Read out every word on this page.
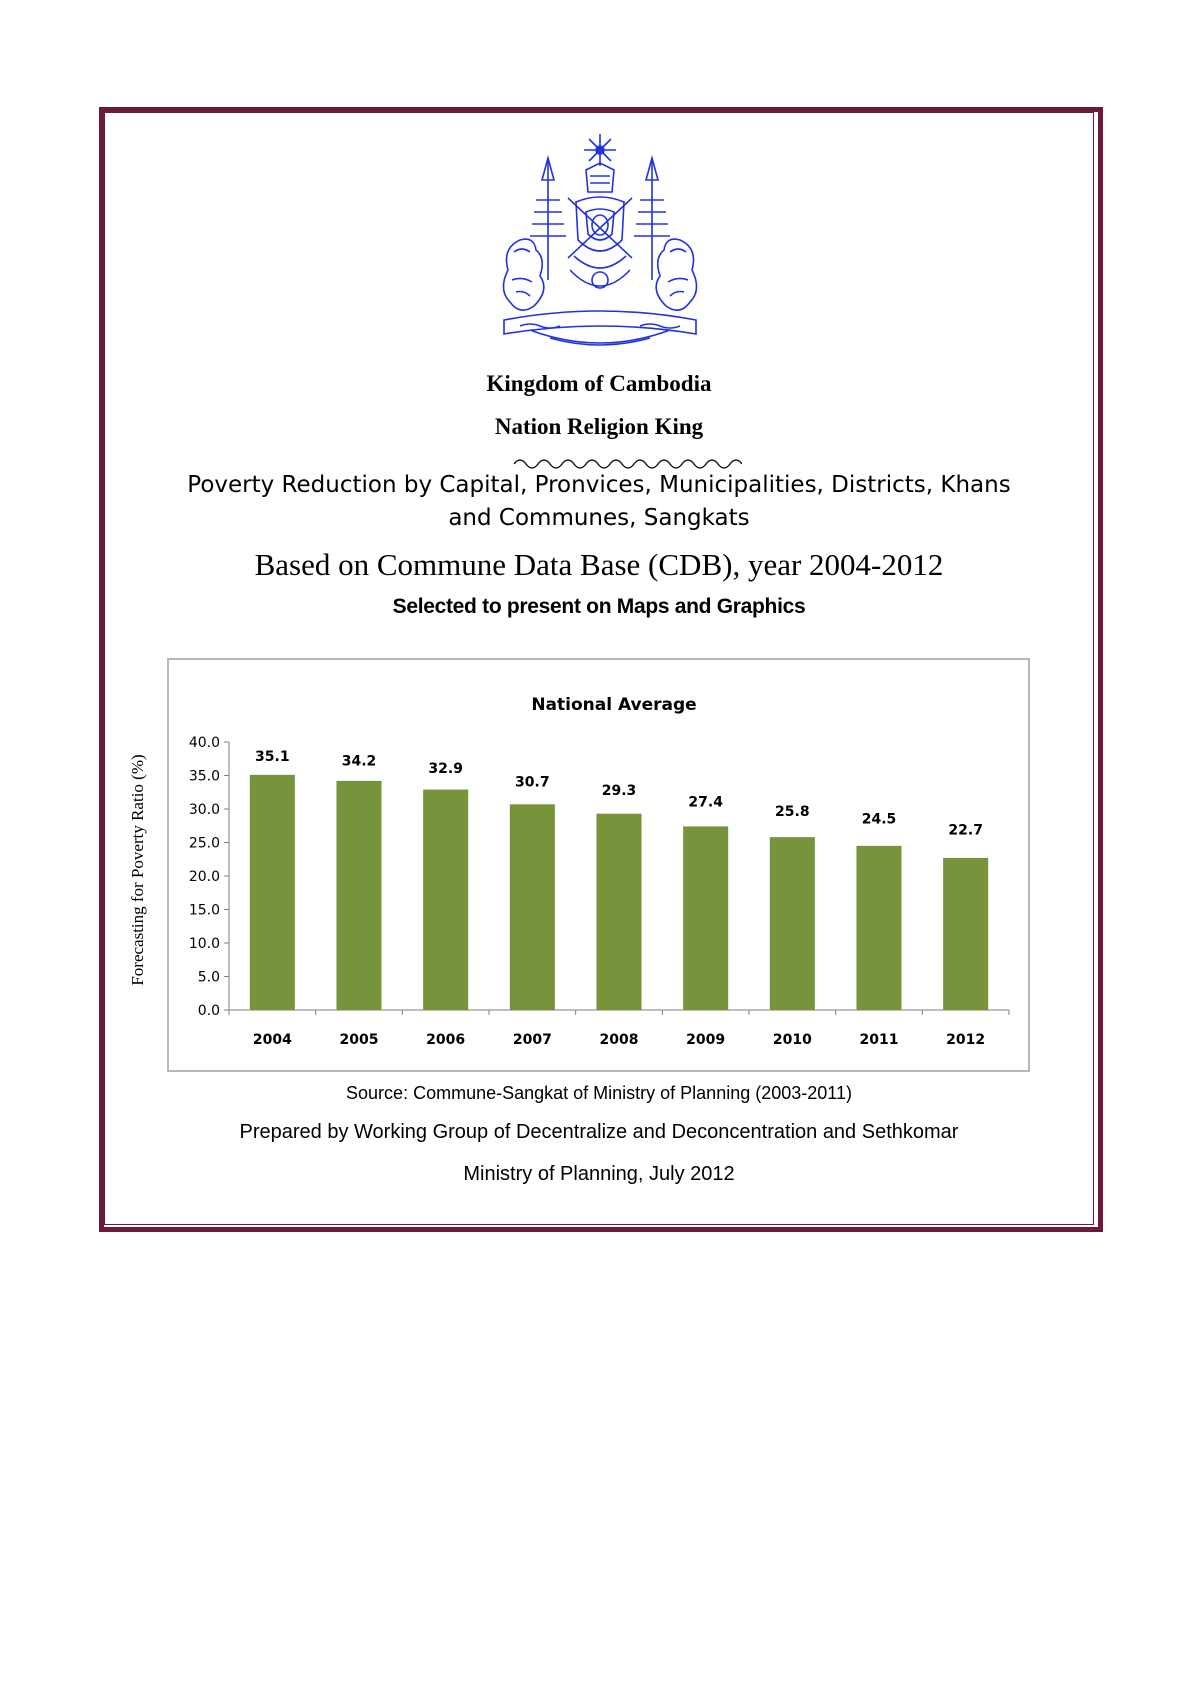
Kingdom of Cambodia
Nation Religion King
Poverty Reduction by Capital, Pronvices, Municipalities, Districts, Khans
and Communes, Sangkats
Based on Commune Data Base (CDB), year 2004-2012
Selected to present on Maps and Graphics
National Average
0.0
5.0
10.0
15.0
20.0
25.0
30.0
35.0
40.0
2004	2005	2006	2007	2008	2009	2010	2011	2012
35.1	34.2	32.9
30.7
29.3
27.4
25.8	24.5
22.7
Forecasting for Poverty Ratio (%)
Source: Commune-Sangkat of Ministry of Planning (2003-2011)
Prepared by Working Group of Decentralize and Deconcentration and Sethkomar
Ministry of Planning, July 2012
